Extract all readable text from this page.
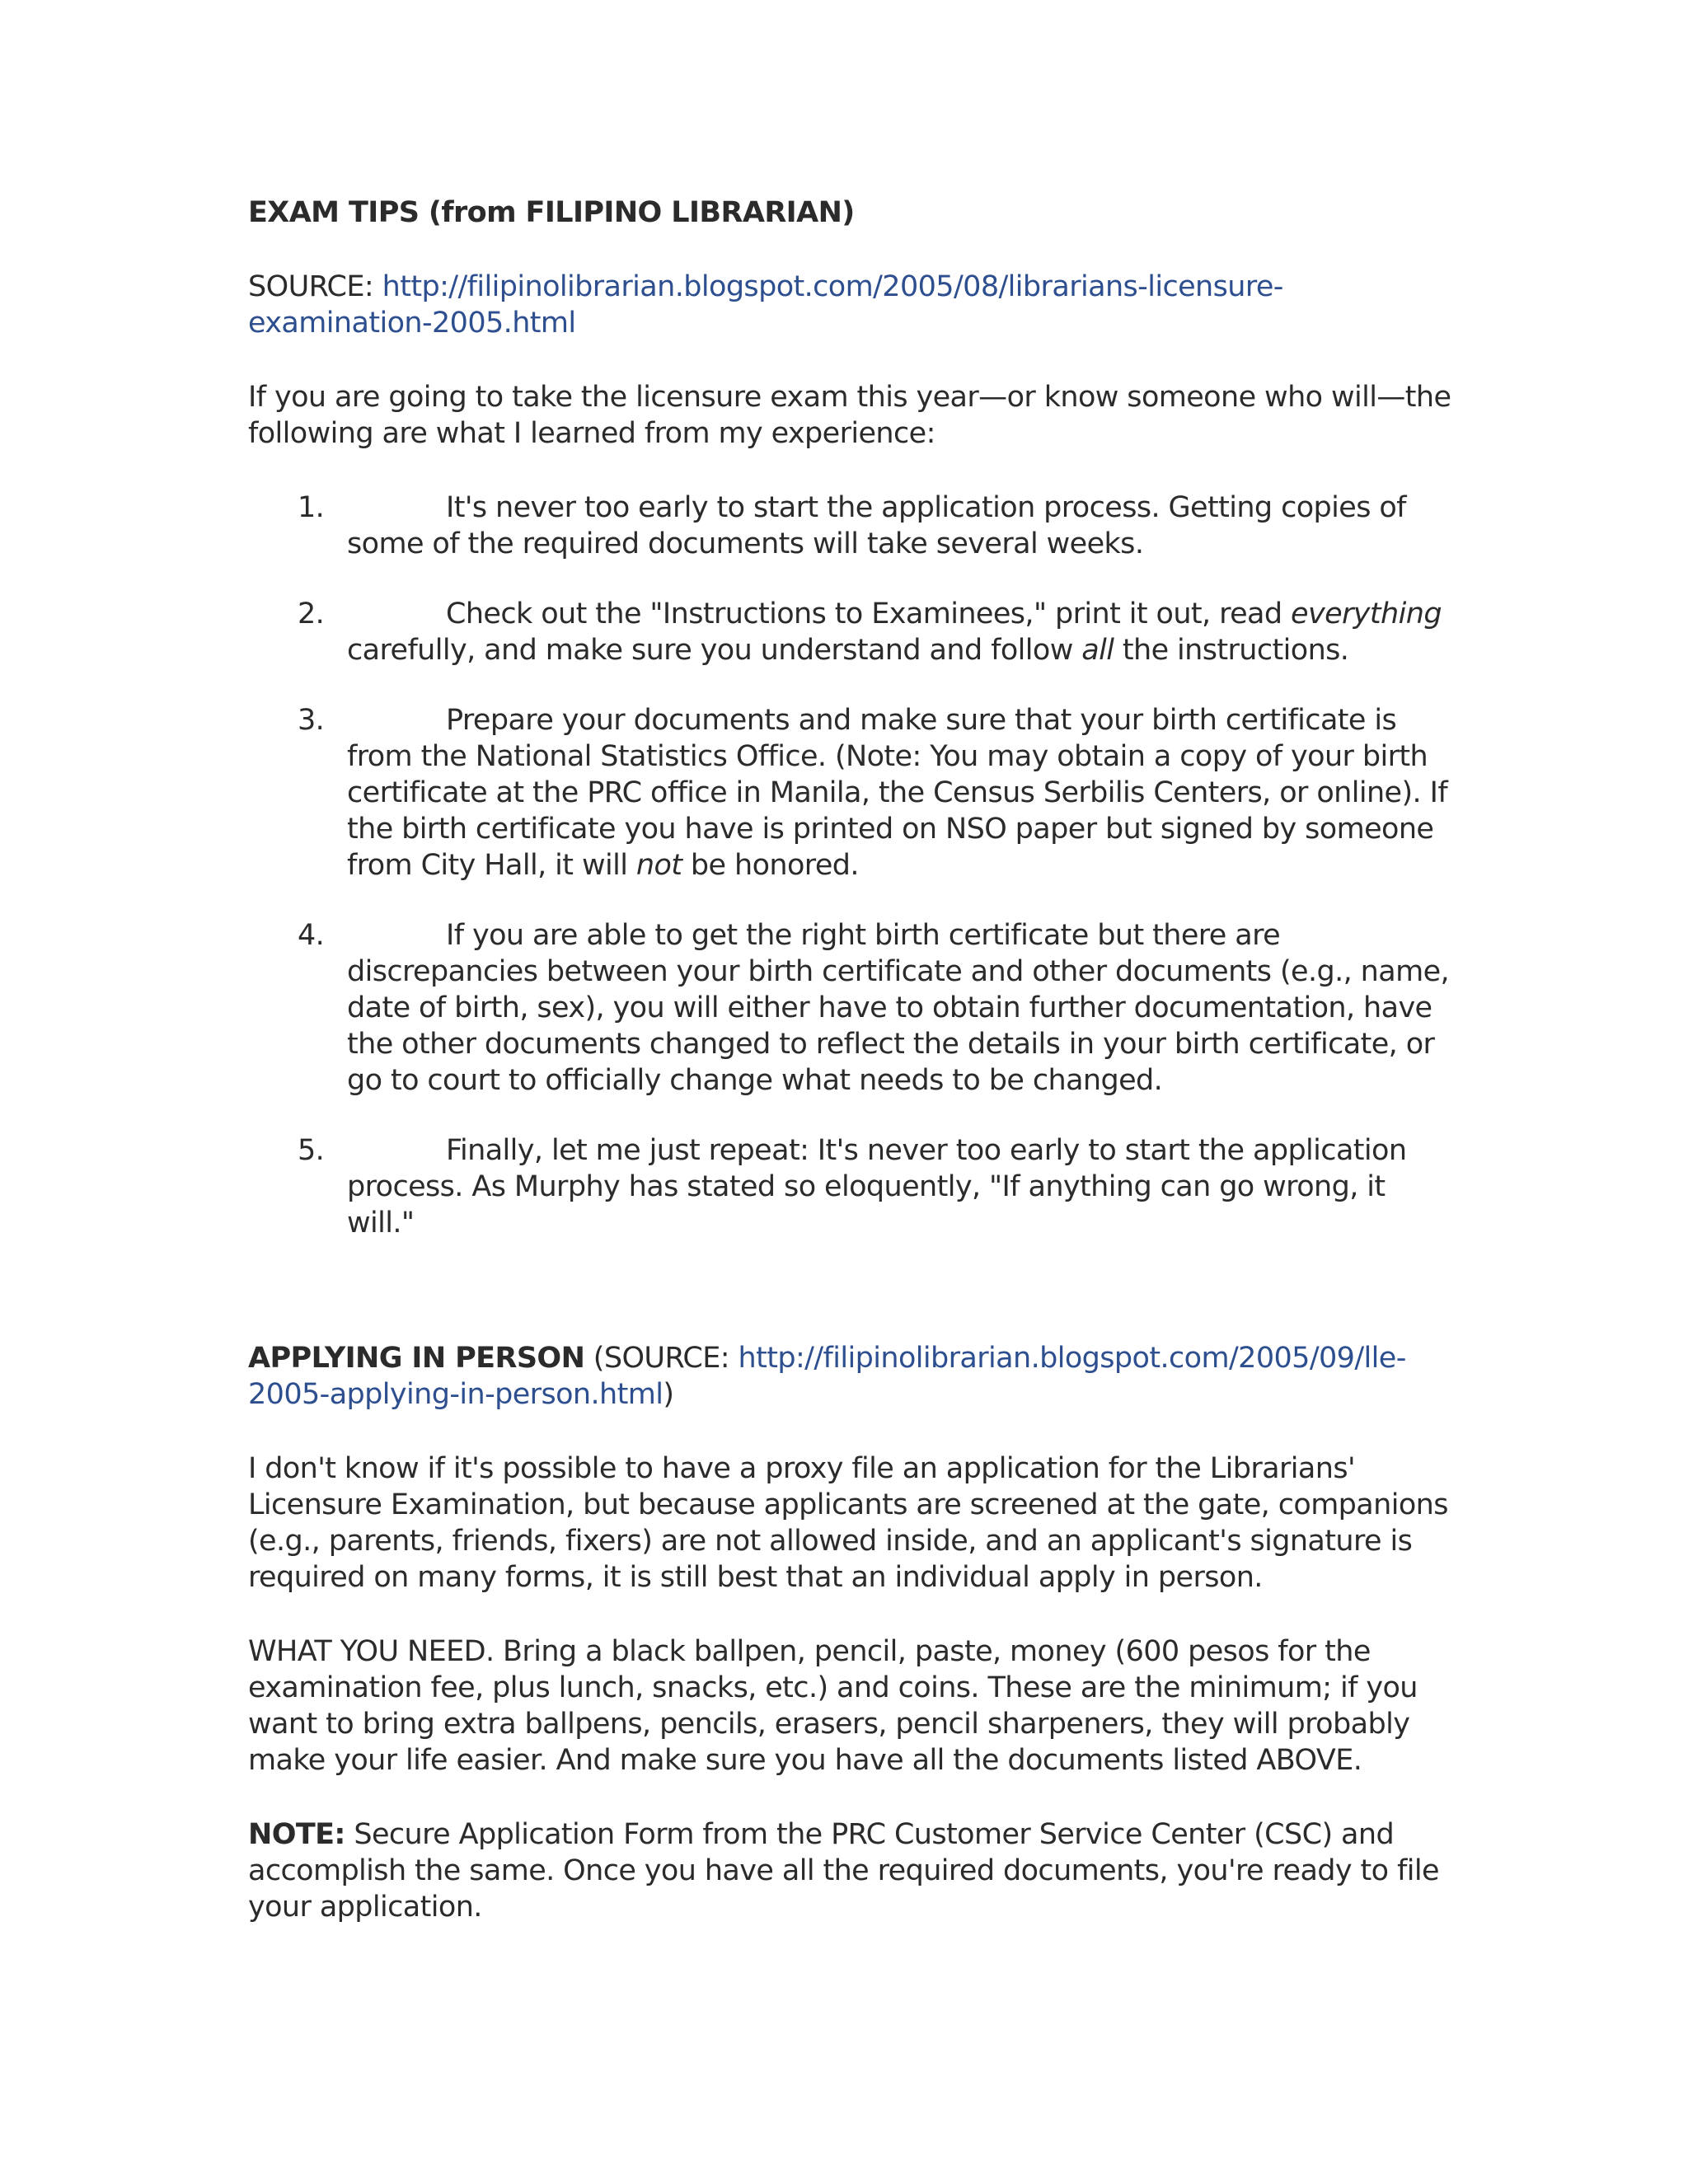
EXAM TIPS (from FILIPINO LIBRARIAN)

SOURCE: http://filipinolibrarian.blogspot.com/2005/08/librarians-licensure-examination-2005.html

If you are going to take the licensure exam this year—or know someone who will—the following are what I learned from my experience:

1.	It's never too early to start the application process. Getting copies of some of the required documents will take several weeks.
2.	Check out the "Instructions to Examinees," print it out, read everything carefully, and make sure you understand and follow all the instructions.
3.	Prepare your documents and make sure that your birth certificate is from the National Statistics Office. (Note: You may obtain a copy of your birth certificate at the PRC office in Manila, the Census Serbilis Centers, or online). If the birth certificate you have is printed on NSO paper but signed by someone from City Hall, it will not be honored.
4.	If you are able to get the right birth certificate but there are discrepancies between your birth certificate and other documents (e.g., name, date of birth, sex), you will either have to obtain further documentation, have the other documents changed to reflect the details in your birth certificate, or go to court to officially change what needs to be changed.
5.	Finally, let me just repeat: It's never too early to start the application process. As Murphy has stated so eloquently, "If anything can go wrong, it will."

APPLYING IN PERSON (SOURCE: http://filipinolibrarian.blogspot.com/2005/09/lle-2005-applying-in-person.html)

I don't know if it's possible to have a proxy file an application for the Librarians' Licensure Examination, but because applicants are screened at the gate, companions (e.g., parents, friends, fixers) are not allowed inside, and an applicant's signature is required on many forms, it is still best that an individual apply in person.

WHAT YOU NEED. Bring a black ballpen, pencil, paste, money (600 pesos for the examination fee, plus lunch, snacks, etc.) and coins. These are the minimum; if you want to bring extra ballpens, pencils, erasers, pencil sharpeners, they will probably make your life easier. And make sure you have all the documents listed ABOVE.

NOTE: Secure Application Form from the PRC Customer Service Center (CSC) and accomplish the same. Once you have all the required documents, you're ready to file your application.
